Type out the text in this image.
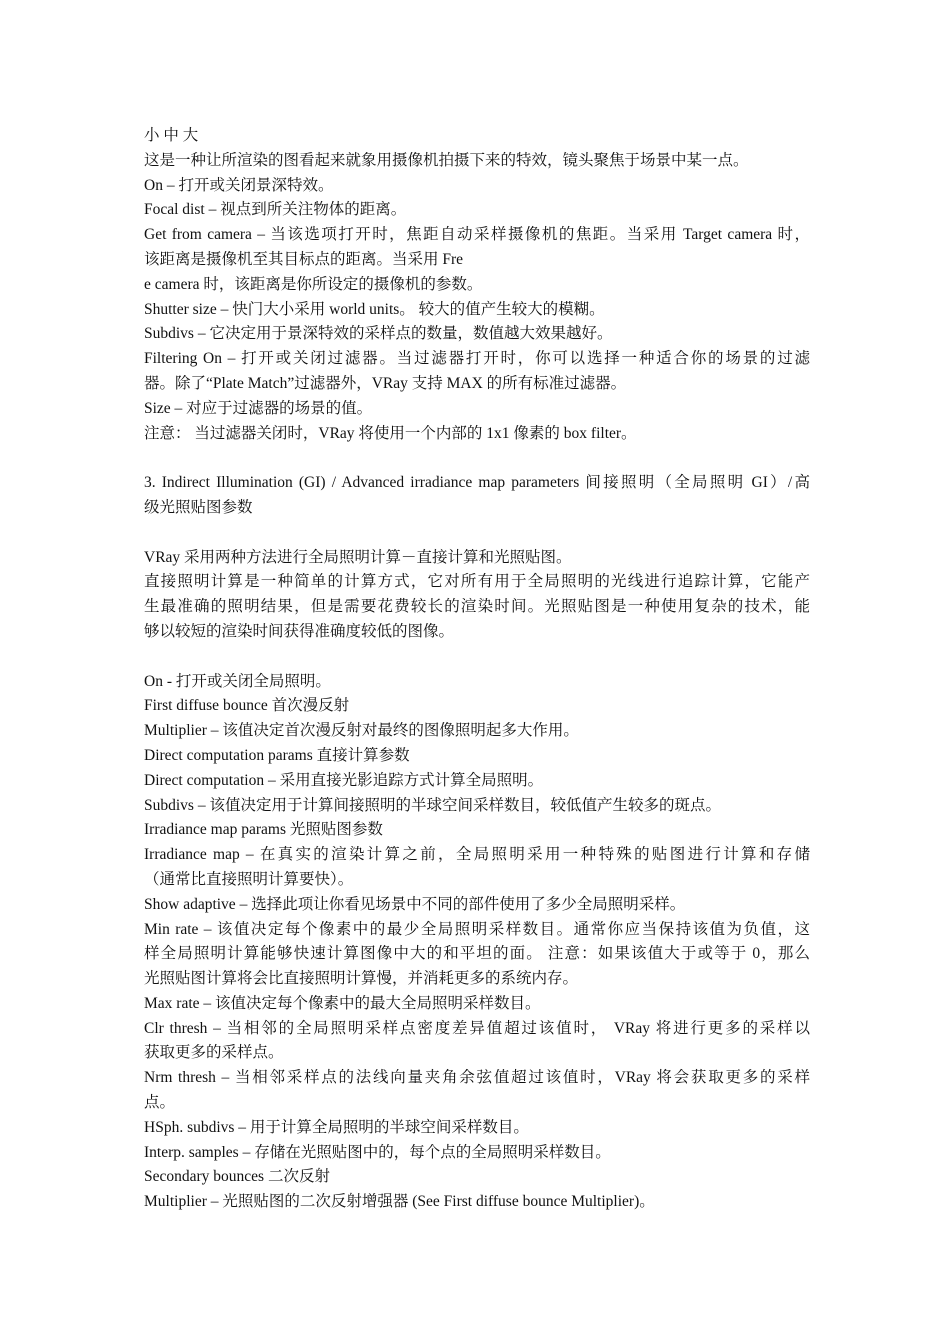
小 中 大
这是一种让所渲染的图看起来就象用摄像机拍摄下来的特效，镜头聚焦于场景中某一点。
On – 打开或关闭景深特效。
Focal dist – 视点到所关注物体的距离。
Get from camera – 当该选项打开时，焦距自动采样摄像机的焦距。当采用 Target camera 时，
该距离是摄像机至其目标点的距离。当采用 Fre
e camera 时，该距离是你所设定的摄像机的参数。
Shutter size – 快门大小采用 world units。 较大的值产生较大的模糊。
Subdivs – 它决定用于景深特效的采样点的数量，数值越大效果越好。
Filtering On – 打开或关闭过滤器。当过滤器打开时，你可以选择一种适合你的场景的过滤
器。除了“Plate Match”过滤器外，VRay 支持 MAX 的所有标准过滤器。
Size – 对应于过滤器的场景的值。
注意： 当过滤器关闭时，VRay 将使用一个内部的 1x1 像素的 box filter。
3. Indirect Illumination (GI) / Advanced irradiance map parameters 间接照明（全局照明 GI）/高
级光照贴图参数
VRay 采用两种方法进行全局照明计算－直接计算和光照贴图。
直接照明计算是一种简单的计算方式，它对所有用于全局照明的光线进行追踪计算，它能产
生最准确的照明结果，但是需要花费较长的渲染时间。光照贴图是一种使用复杂的技术，能
够以较短的渲染时间获得准确度较低的图像。
On - 打开或关闭全局照明。
First diffuse bounce 首次漫反射
Multiplier – 该值决定首次漫反射对最终的图像照明起多大作用。
Direct computation params 直接计算参数
Direct computation – 采用直接光影追踪方式计算全局照明。
Subdivs – 该值决定用于计算间接照明的半球空间采样数目，较低值产生较多的斑点。
Irradiance map params 光照贴图参数
Irradiance map – 在真实的渲染计算之前，全局照明采用一种特殊的贴图进行计算和存储
（通常比直接照明计算要快）。
Show adaptive – 选择此项让你看见场景中不同的部件使用了多少全局照明采样。
Min rate – 该值决定每个像素中的最少全局照明采样数目。通常你应当保持该值为负值，这
样全局照明计算能够快速计算图像中大的和平坦的面。 注意：如果该值大于或等于 0，那么
光照贴图计算将会比直接照明计算慢，并消耗更多的系统内存。
Max rate – 该值决定每个像素中的最大全局照明采样数目。
Clr thresh – 当相邻的全局照明采样点密度差异值超过该值时， VRay 将进行更多的采样以
获取更多的采样点。
Nrm thresh – 当相邻采样点的法线向量夹角余弦值超过该值时，VRay 将会获取更多的采样
点。
HSph. subdivs – 用于计算全局照明的半球空间采样数目。
Interp. samples – 存储在光照贴图中的，每个点的全局照明采样数目。
Secondary bounces 二次反射
Multiplier – 光照贴图的二次反射增强器 (See First diffuse bounce Multiplier)。
